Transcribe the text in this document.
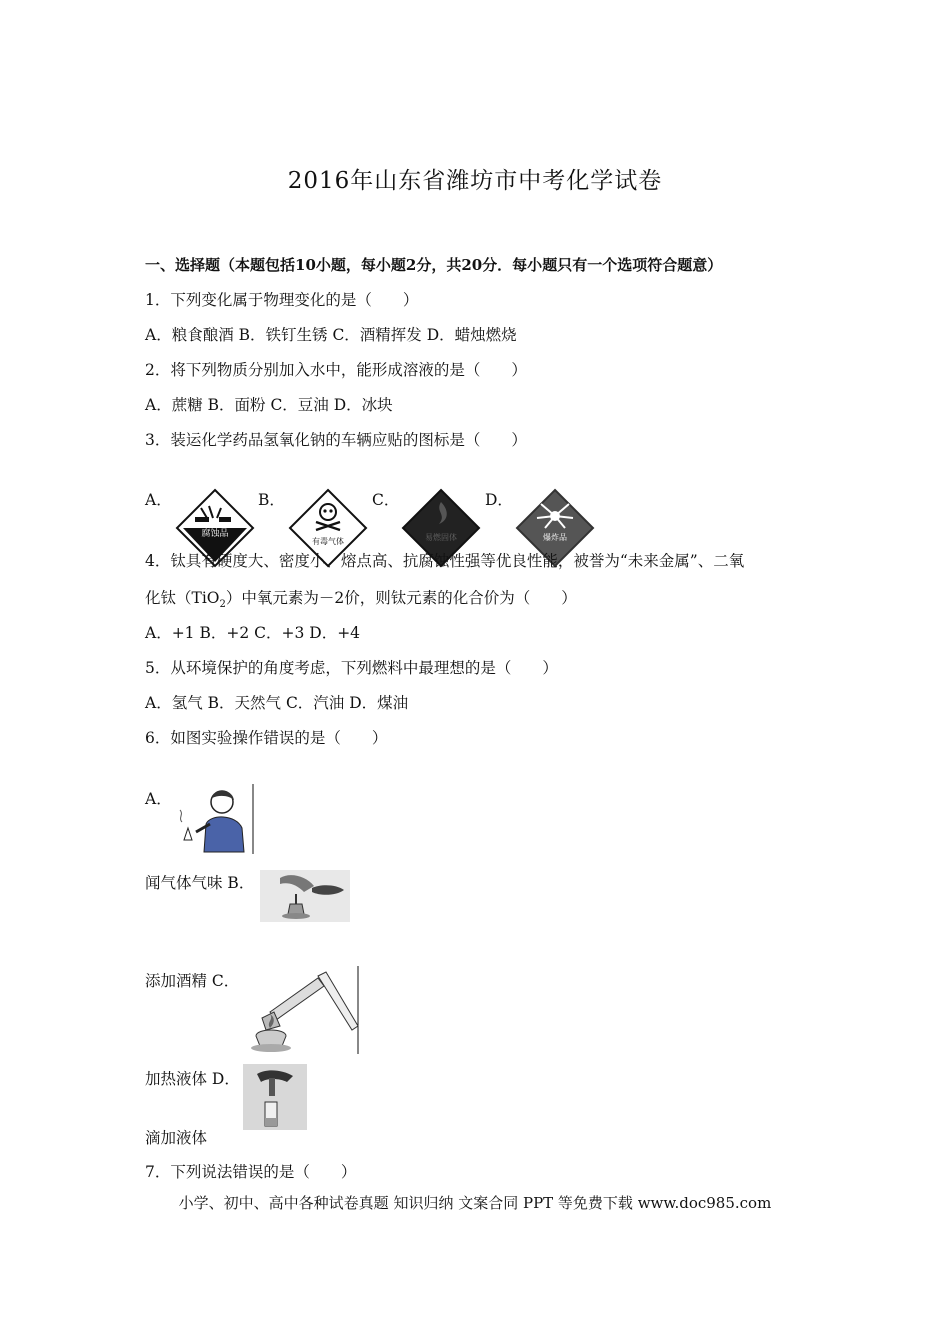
2016年山东省潍坊市中考化学试卷
一、选择题（本题包括10小题，每小题2分，共20分．每小题只有一个选项符合题意）
1．下列变化属于物理变化的是（　　）
A．粮食酿酒 B．铁钉生锈 C．酒精挥发 D．蜡烛燃烧
2．将下列物质分别加入水中，能形成溶液的是（　　）
A．蔗糖 B．面粉 C．豆油 D．冰块
3．装运化学药品氢氧化钠的车辆应贴的图标是（　　）
A．
腐蚀品
B．
有毒气体
C．
易燃固体
D．
爆炸品
4．钛具有硬度大、密度小、熔点高、抗腐蚀性强等优良性能，被誉为“未来金属”、二氧
化钛（TiO$_2$）中氧元素为－2价，则钛元素的化合价为（　　）
A．+1 B．+2 C．+3 D．+4
5．从环境保护的角度考虑，下列燃料中最理想的是（　　）
A．氢气 B．天然气 C．汽油 D．煤油
6．如图实验操作错误的是（　　）
A．
闻气体气味 B．
添加酒精 C．
加热液体 D．
滴加液体
7．下列说法错误的是（　　）
小学、初中、高中各种试卷真题 知识归纳 文案合同 PPT 等免费下载 www.doc985.com
